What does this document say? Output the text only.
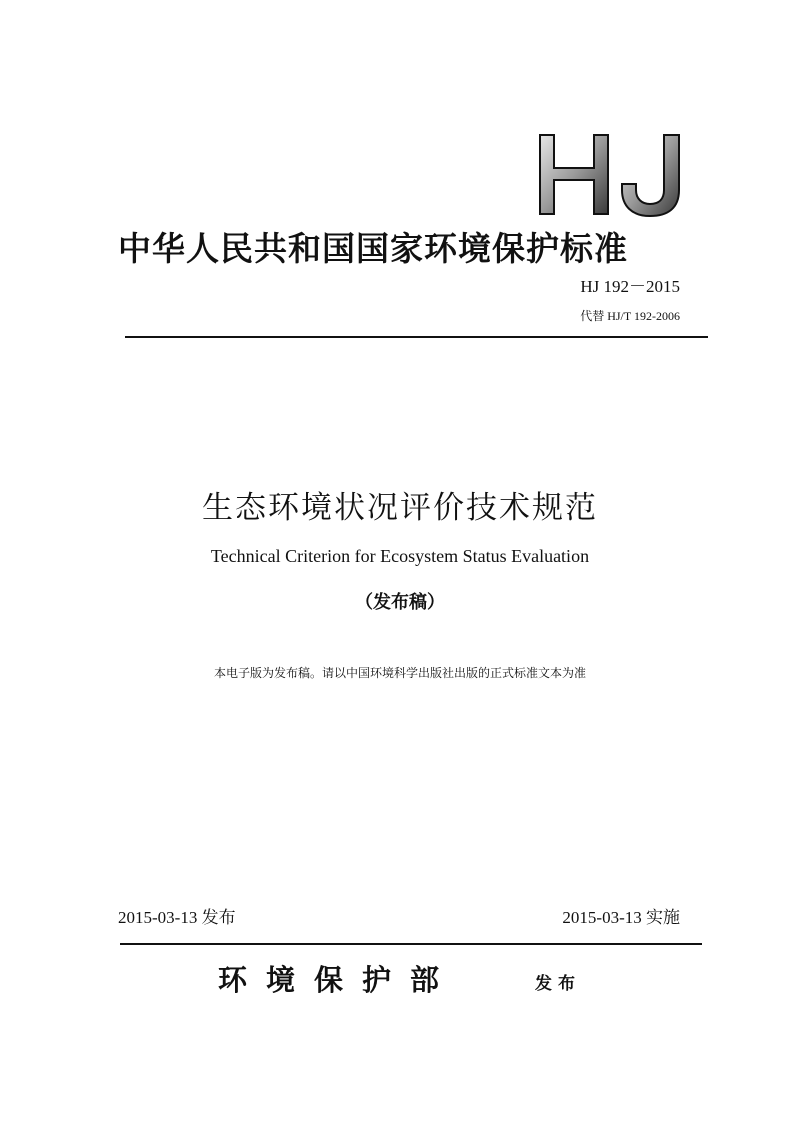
中华人民共和国国家环境保护标准
HJ 192－2015
代替 HJ/T 192-2006
生态环境状况评价技术规范
Technical Criterion for Ecosystem Status Evaluation
（发布稿）
本电子版为发布稿。请以中国环境科学出版社出版的正式标准文本为准
2015-03-13 发布	2015-03-13 实施
环境保护部	发布
